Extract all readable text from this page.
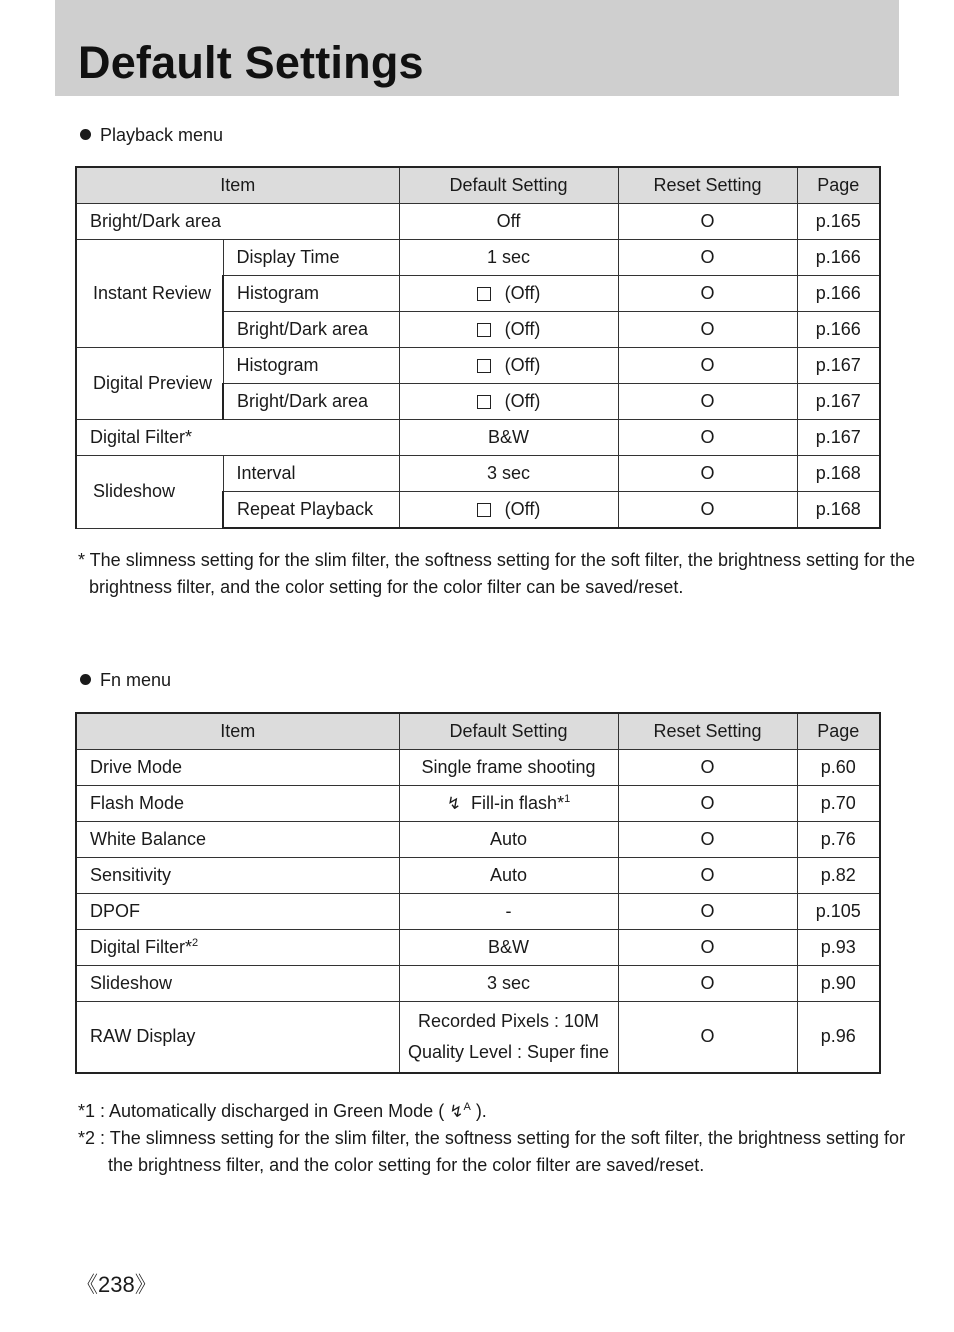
Default Settings
Playback menu
Item		Default Setting	Reset Setting	Page
Bright/Dark area		Off	O	p.165
Instant Review	Display Time	1 sec	O	p.166
	Histogram	(Off)	O	p.166
	Bright/Dark area	(Off)	O	p.166
Digital Preview	Histogram	(Off)	O	p.167
	Bright/Dark area	(Off)	O	p.167
Digital Filter*		B&W	O	p.167
Slideshow	Interval	3 sec	O	p.168
	Repeat Playback	(Off)	O	p.168

* The slimness setting for the slim filter, the softness setting for the soft filter, the brightness setting for the
brightness filter, and the color setting for the color filter can be saved/reset.

Fn menu
Item	Default Setting	Reset Setting	Page
Drive Mode	Single frame shooting	O	p.60
Flash Mode	↯ Fill-in flash*$^1$	O	p.70
White Balance	Auto	O	p.76
Sensitivity	Auto	O	p.82
DPOF	-	O	p.105
Digital Filter*$^2$	B&W	O	p.93
Slideshow	3 sec	O	p.90
RAW Display	Recorded Pixels : 10M
Quality Level : Super fine	O	p.96

*1 : Automatically discharged in Green Mode ( ↯$^A$ ).
*2 : The slimness setting for the slim filter, the softness setting for the soft filter, the brightness setting for
the brightness filter, and the color setting for the color filter are saved/reset.

《238》
